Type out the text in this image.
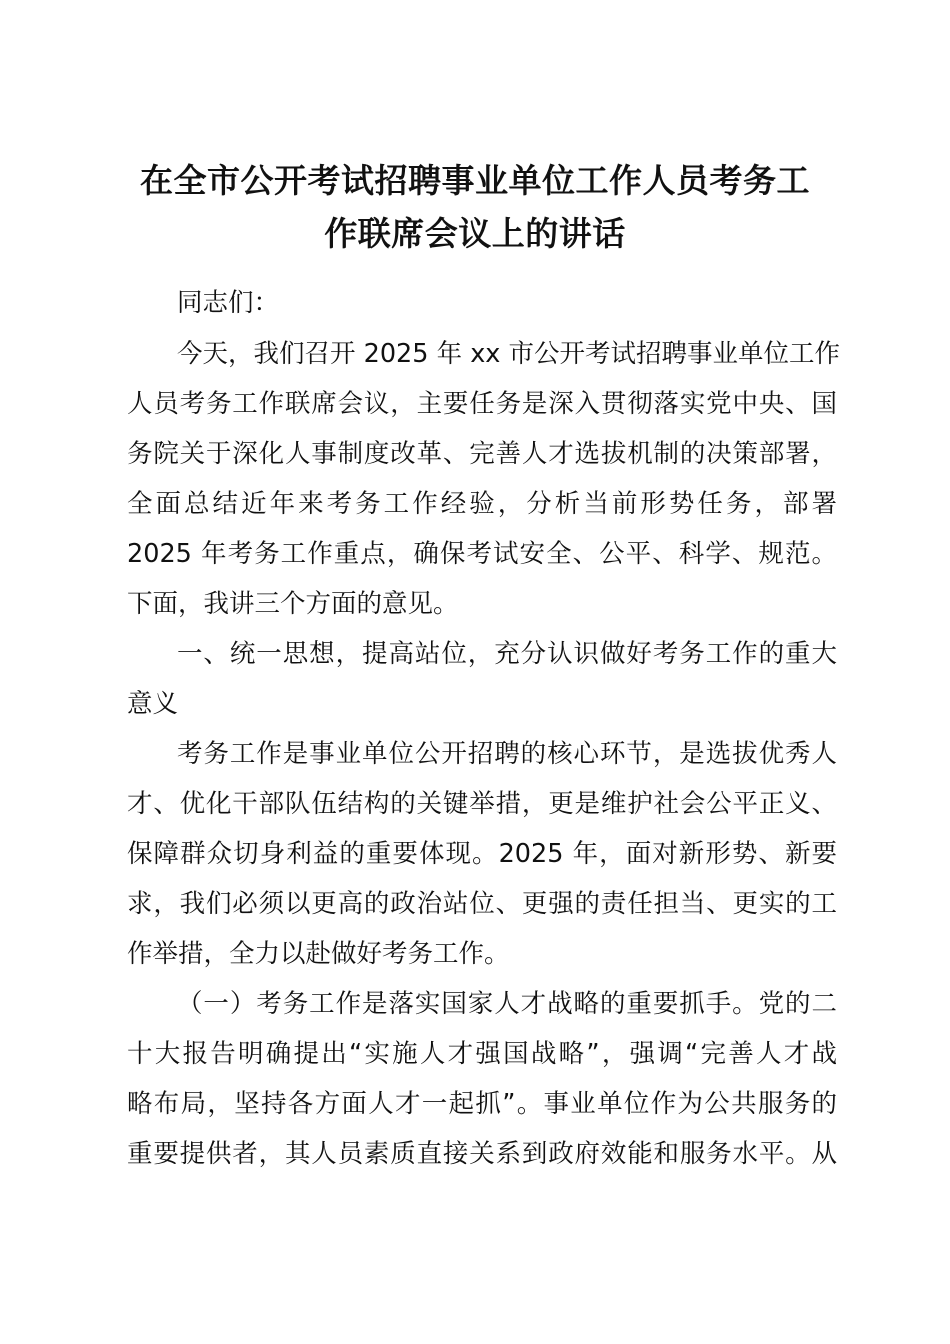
在全市公开考试招聘事业单位工作人员考务工
作联席会议上的讲话
同志们：
今天，我们召开 2025 年 xx 市公开考试招聘事业单位工作
人员考务工作联席会议，主要任务是深入贯彻落实党中央、国
务院关于深化人事制度改革、完善人才选拔机制的决策部署，
全面总结近年来考务工作经验，分析当前形势任务，部署
2025 年考务工作重点，确保考试安全、公平、科学、规范。
下面，我讲三个方面的意见。
一、统一思想，提高站位，充分认识做好考务工作的重大
意义
考务工作是事业单位公开招聘的核心环节，是选拔优秀人
才、优化干部队伍结构的关键举措，更是维护社会公平正义、
保障群众切身利益的重要体现。2025 年，面对新形势、新要
求，我们必须以更高的政治站位、更强的责任担当、更实的工
作举措，全力以赴做好考务工作。
（一）考务工作是落实国家人才战略的重要抓手。党的二
十大报告明确提出“实施人才强国战略”，强调“完善人才战
略布局，坚持各方面人才一起抓”。事业单位作为公共服务的
重要提供者，其人员素质直接关系到政府效能和服务水平。从
